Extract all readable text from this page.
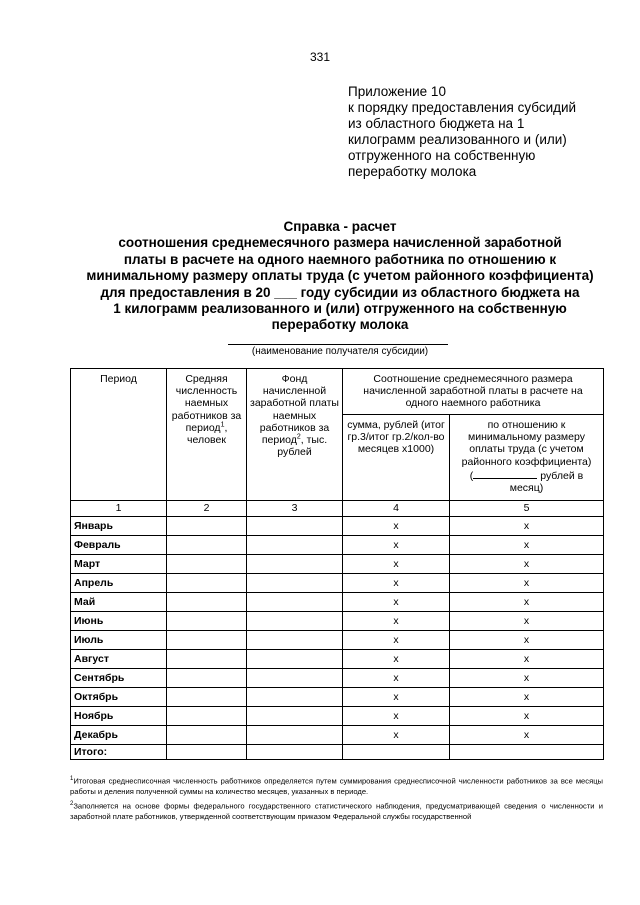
331
Приложение 10
к порядку предоставления субсидий
из областного бюджета на 1
килограмм реализованного и (или)
отгруженного на собственную
переработку молока
Справка - расчет
соотношения среднемесячного размера начисленной заработной
платы в расчете на одного наемного работника по отношению к
минимальному размеру оплаты труда (с учетом районного коэффициента)
для предоставления в 20 ___ году субсидии из областного бюджета на
1 килограмм реализованного и (или) отгруженного на собственную
переработку молока
(наименование получателя субсидии)
Период	Средняя численность наемных работников за период$^1$, человек	Фонд начисленной заработной платы наемных работников за период$^2$, тыс. рублей	Соотношение среднемесячного размера начисленной заработной платы в расчете на одного наемного работника	
			сумма, рублей (итог гр.3/итог гр.2/кол-во месяцев х1000)	по отношению к минимальному размеру оплаты труда (с учетом районного коэффициента)
( рублей в месяц)
1	2	3	4	5
Январь			x	x
Февраль			x	x
Март			x	x
Апрель			x	x
Май			x	x
Июнь			x	x
Июль			x	x
Август			x	x
Сентябрь			x	x
Октябрь			x	x
Ноябрь			x	x
Декабрь			x	x
Итого:				

$^1$Итоговая среднесписочная численность работников определяется путем суммирования среднесписочной численности работников за все месяцы работы и деления полученной суммы на количество месяцев, указанных в периоде.

$^2$Заполняется на основе формы федерального государственного статистического наблюдения, предусматривающей сведения о численности и заработной плате работников, утвержденной соответствующим приказом Федеральной службы государственной
